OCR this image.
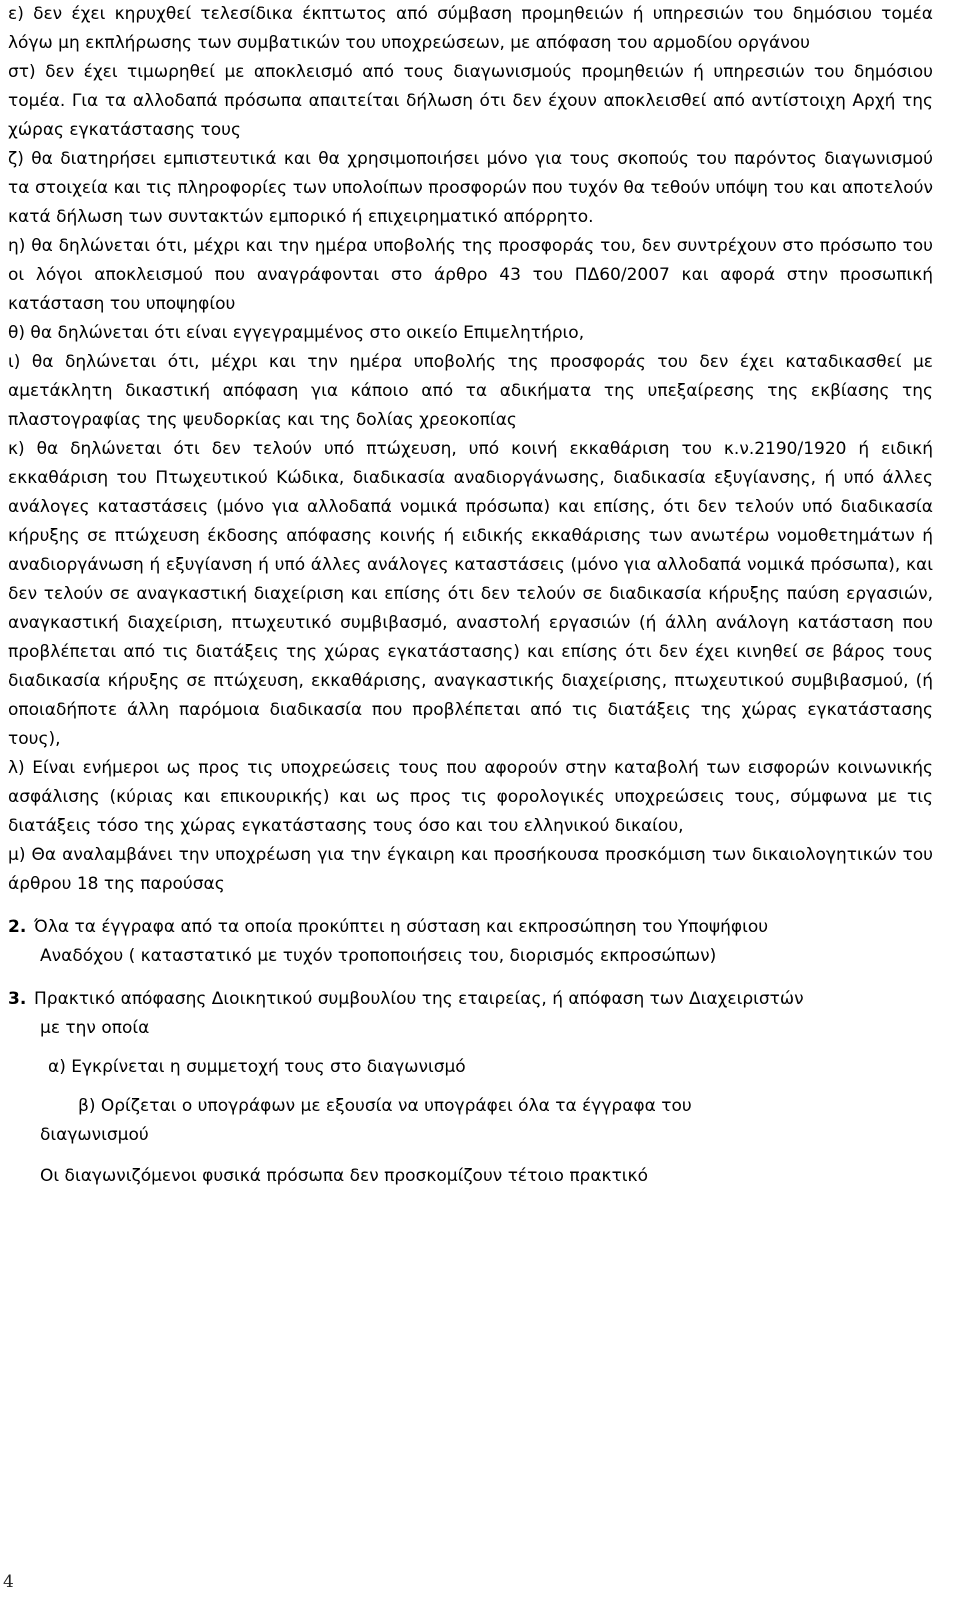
ε) δεν έχει κηρυχθεί τελεσίδικα έκπτωτος από σύμβαση προμηθειών ή υπηρεσιών του δημόσιου τομέα λόγω μη εκπλήρωσης των συμβατικών του υποχρεώσεων, με απόφαση του αρμοδίου οργάνου

στ) δεν έχει τιμωρηθεί με αποκλεισμό από τους διαγωνισμούς προμηθειών ή υπηρεσιών του δημόσιου τομέα. Για τα αλλοδαπά πρόσωπα απαιτείται δήλωση ότι δεν έχουν αποκλεισθεί από αντίστοιχη Αρχή της χώρας εγκατάστασης τους

ζ) θα διατηρήσει εμπιστευτικά και θα χρησιμοποιήσει μόνο για τους σκοπούς του παρόντος διαγωνισμού τα στοιχεία και τις πληροφορίες των υπολοίπων προσφορών που τυχόν θα τεθούν υπόψη του και αποτελούν κατά δήλωση των συντακτών εμπορικό ή επιχειρηματικό απόρρητο.

η) θα δηλώνεται ότι, μέχρι και την ημέρα υποβολής της προσφοράς του, δεν συντρέχουν στο πρόσωπο του οι λόγοι αποκλεισμού που αναγράφονται στο άρθρο 43 του ΠΔ60/2007 και αφορά στην προσωπική κατάσταση του υποψηφίου

θ) θα δηλώνεται ότι είναι εγγεγραμμένος στο οικείο Επιμελητήριο,

ι) θα δηλώνεται ότι, μέχρι και την ημέρα υποβολής της προσφοράς του δεν έχει καταδικασθεί με αμετάκλητη δικαστική απόφαση για κάποιο από τα αδικήματα της υπεξαίρεσης της εκβίασης της πλαστογραφίας της ψευδορκίας και της δολίας χρεοκοπίας

κ) θα δηλώνεται ότι δεν τελούν υπό πτώχευση, υπό κοινή εκκαθάριση του κ.ν.2190/1920 ή ειδική εκκαθάριση του Πτωχευτικού Κώδικα, διαδικασία αναδιοργάνωσης, διαδικασία εξυγίανσης, ή υπό άλλες ανάλογες καταστάσεις (μόνο για αλλοδαπά νομικά πρόσωπα) και επίσης, ότι δεν τελούν υπό διαδικασία κήρυξης σε πτώχευση έκδοσης απόφασης κοινής ή ειδικής εκκαθάρισης των ανωτέρω νομοθετημάτων ή αναδιοργάνωση ή εξυγίανση ή υπό άλλες ανάλογες καταστάσεις (μόνο για αλλοδαπά νομικά πρόσωπα), και δεν τελούν σε αναγκαστική διαχείριση και επίσης ότι δεν τελούν σε διαδικασία κήρυξης παύση εργασιών, αναγκαστική διαχείριση, πτωχευτικό συμβιβασμό, αναστολή εργασιών (ή άλλη ανάλογη κατάσταση που προβλέπεται από τις διατάξεις της χώρας εγκατάστασης) και επίσης ότι δεν έχει κινηθεί σε βάρος τους διαδικασία κήρυξης σε πτώχευση, εκκαθάρισης, αναγκαστικής διαχείρισης, πτωχευτικού συμβιβασμού, (ή οποιαδήποτε άλλη παρόμοια διαδικασία που προβλέπεται από τις διατάξεις της χώρας εγκατάστασης τους),

λ) Είναι ενήμεροι ως προς τις υποχρεώσεις τους που αφορούν στην καταβολή των εισφορών κοινωνικής ασφάλισης (κύριας και επικουρικής) και ως προς τις φορολογικές υποχρεώσεις τους, σύμφωνα με τις διατάξεις τόσο της χώρας εγκατάστασης τους όσο και του ελληνικού δικαίου,

μ) Θα αναλαμβάνει την υποχρέωση για την έγκαιρη και προσήκουσα προσκόμιση των δικαιολογητικών του άρθρου 18 της παρούσας

2. Όλα τα έγγραφα από τα οποία προκύπτει η σύσταση και εκπροσώπηση του Υποψήφιου
Αναδόχου ( καταστατικό με τυχόν τροποποιήσεις του, διορισμός εκπροσώπων)
3. Πρακτικό απόφασης Διοικητικού συμβουλίου της εταιρείας, ή απόφαση των Διαχειριστών
με την οποία

α) Εγκρίνεται η συμμετοχή τους στο διαγωνισμό

β) Ορίζεται ο υπογράφων με εξουσία να υπογράφει όλα τα έγγραφα του

διαγωνισμού

Οι διαγωνιζόμενοι φυσικά πρόσωπα δεν προσκομίζουν τέτοιο πρακτικό

4
